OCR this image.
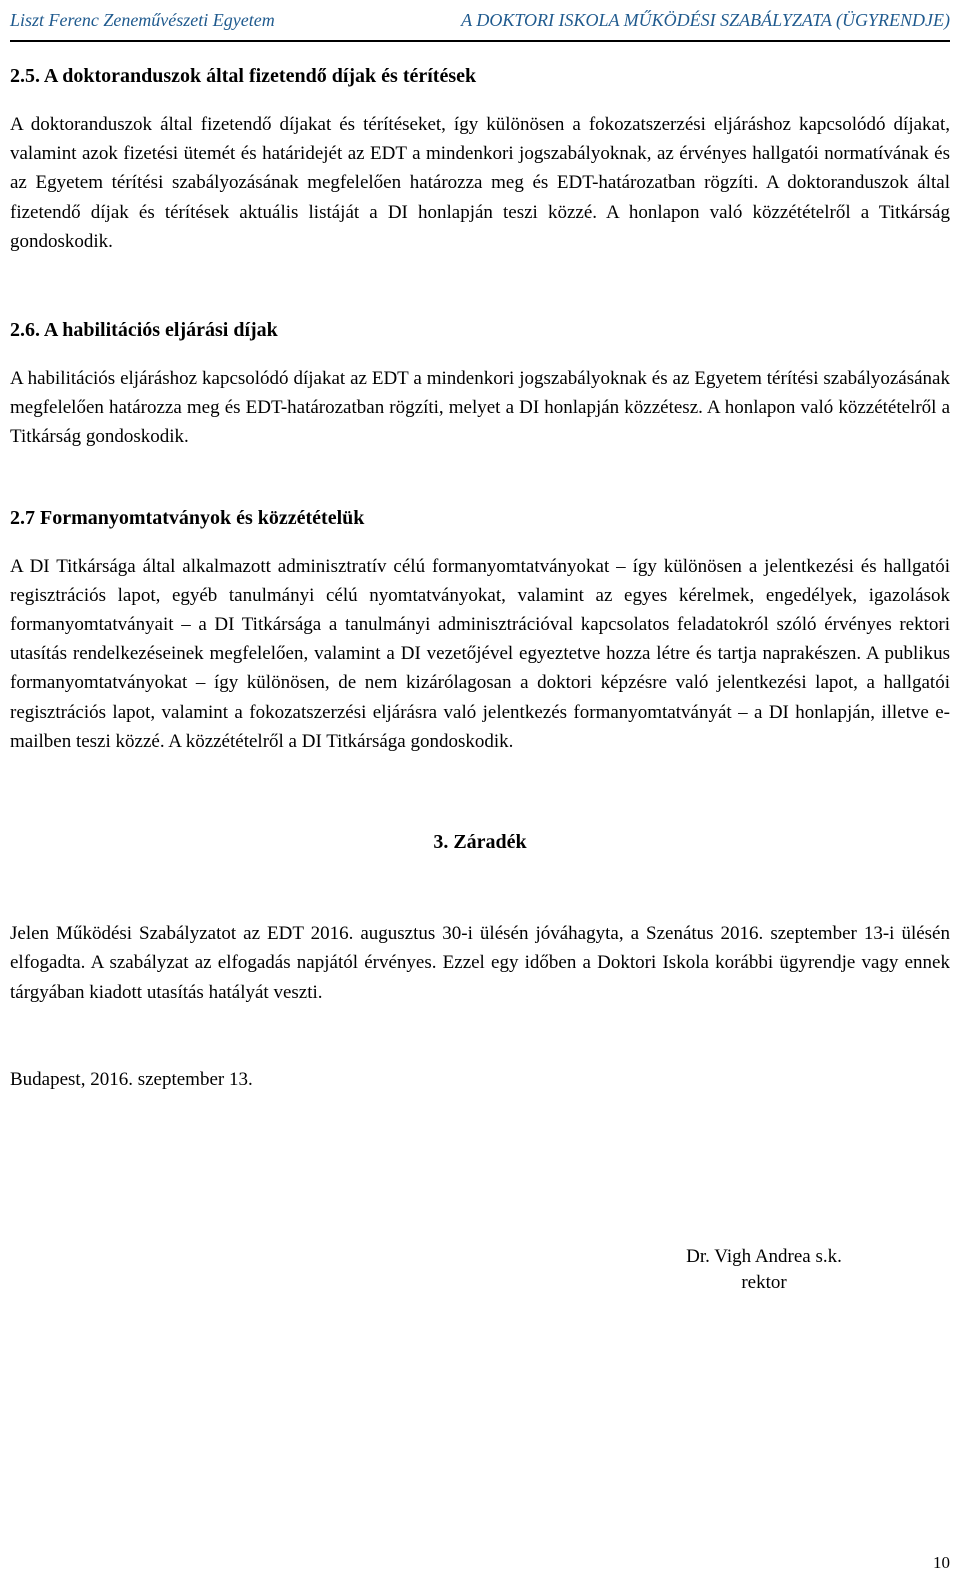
Liszt Ferenc Zeneművészeti Egyetem	A DOKTORI ISKOLA MŰKÖDÉSI SZABÁLYZATA (ÜGYRENDJE)
2.5. A doktoranduszok által fizetendő díjak és térítések

A doktoranduszok által fizetendő díjakat és térítéseket, így különösen a fokozatszerzési eljáráshoz kapcsolódó díjakat, valamint azok fizetési ütemét és határidejét az EDT a mindenkori jogszabályoknak, az érvényes hallgatói normatívának és az Egyetem térítési szabályozásának megfelelően határozza meg és EDT-határozatban rögzíti. A doktoranduszok által fizetendő díjak és térítések aktuális listáját a DI honlapján teszi közzé. A honlapon való közzétételről a Titkárság gondoskodik.

2.6. A habilitációs eljárási díjak

A habilitációs eljáráshoz kapcsolódó díjakat az EDT a mindenkori jogszabályoknak és az Egyetem térítési szabályozásának megfelelően határozza meg és EDT-határozatban rögzíti, melyet a DI honlapján közzétesz. A honlapon való közzétételről a Titkárság gondoskodik.

2.7 Formanyomtatványok és közzétételük

A DI Titkársága által alkalmazott adminisztratív célú formanyomtatványokat – így különösen a jelentkezési és hallgatói regisztrációs lapot, egyéb tanulmányi célú nyomtatványokat, valamint az egyes kérelmek, engedélyek, igazolások formanyomtatványait – a DI Titkársága a tanulmányi adminisztrációval kapcsolatos feladatokról szóló érvényes rektori utasítás rendelkezéseinek megfelelően, valamint a DI vezetőjével egyeztetve hozza létre és tartja naprakészen. A publikus formanyomtatványokat – így különösen, de nem kizárólagosan a doktori képzésre való jelentkezési lapot, a hallgatói regisztrációs lapot, valamint a fokozatszerzési eljárásra való jelentkezés formanyomtatványát – a DI honlapján, illetve e-mailben teszi közzé. A közzétételről a DI Titkársága gondoskodik.

3. Záradék

Jelen Működési Szabályzatot az EDT 2016. augusztus 30-i ülésén jóváhagyta, a Szenátus 2016. szeptember 13-i ülésén elfogadta. A szabályzat az elfogadás napjától érvényes. Ezzel egy időben a Doktori Iskola korábbi ügyrendje vagy ennek tárgyában kiadott utasítás hatályát veszti.

Budapest, 2016. szeptember 13.

Dr. Vigh Andrea s.k.
rektor
10
